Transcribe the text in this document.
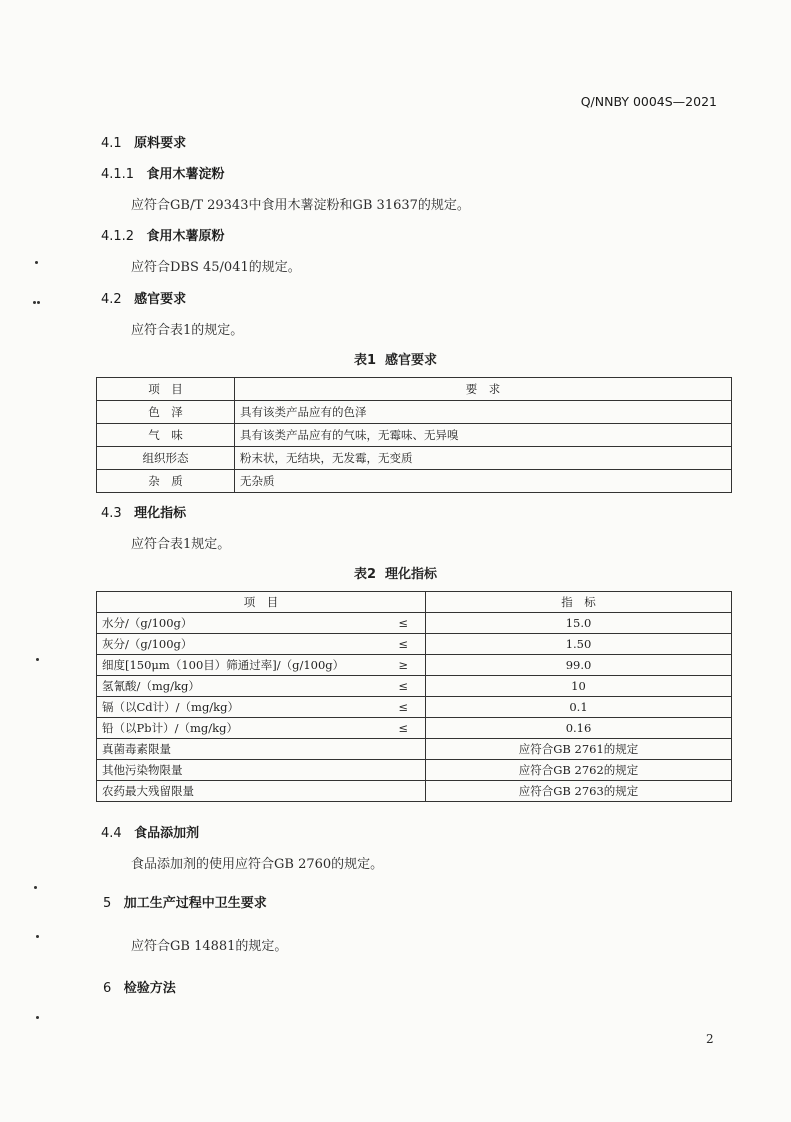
Q/NNBY 0004S—2021
4.1 原料要求
4.1.1 食用木薯淀粉
应符合GB/T 29343中食用木薯淀粉和GB 31637的规定。
4.1.2 食用木薯原粉
应符合DBS 45/041的规定。
4.2 感官要求
应符合表1的规定。
表1  感官要求
项　目	要　求
色　泽	具有该类产品应有的色泽
气　味	具有该类产品应有的气味，无霉味、无异嗅
组织形态	粉末状，无结块，无发霉，无变质
杂　质	无杂质
4.3 理化指标
应符合表1规定。
表2  理化指标
项　目	指　标

水分/（g/100g） ≤	15.0

灰分/（g/100g） ≤	1.50

细度[150μm（100目）筛通过率]/（g/100g） ≥	99.0

氢氰酸/（mg/kg） ≤	10

镉（以Cd计）/（mg/kg） ≤	0.1

铅（以Pb计）/（mg/kg） ≤	0.16
真菌毒素限量	应符合GB 2761的规定
其他污染物限量	应符合GB 2762的规定
农药最大残留限量	应符合GB 2763的规定
4.4 食品添加剂
食品添加剂的使用应符合GB 2760的规定。
5 加工生产过程中卫生要求
应符合GB 14881的规定。
6 检验方法
2
